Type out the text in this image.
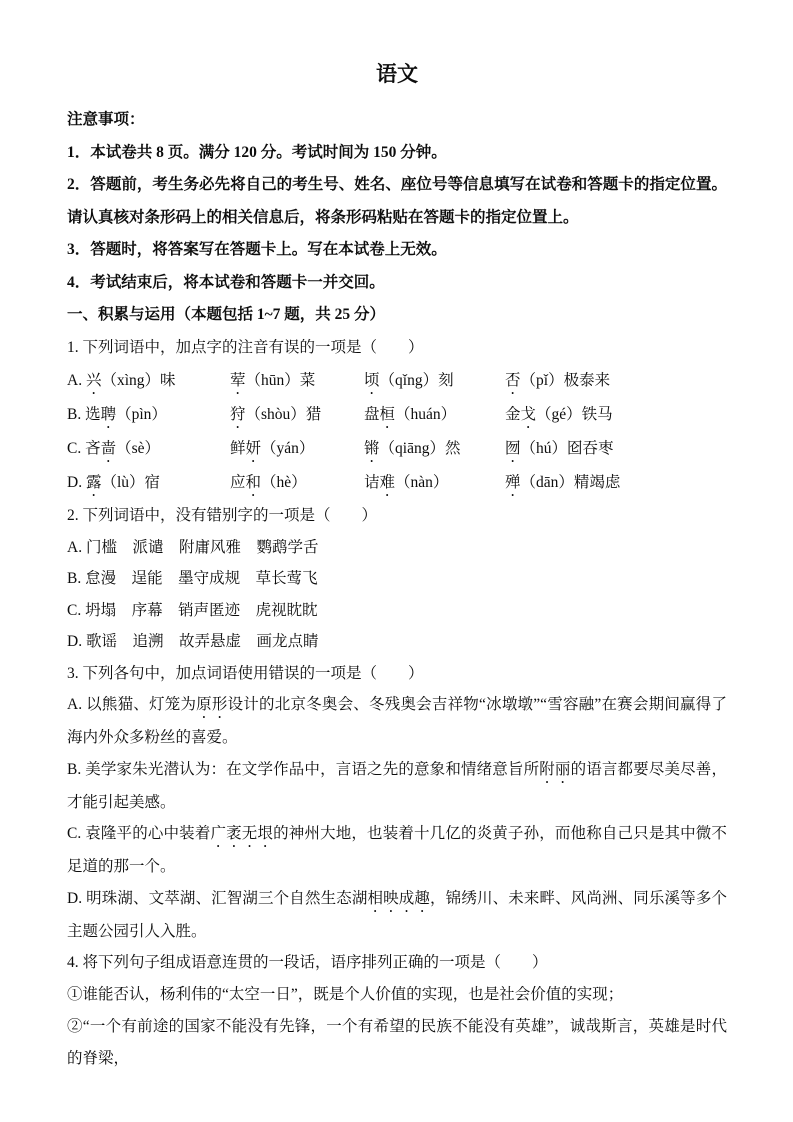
语文

注意事项：

1．本试卷共 8 页。满分 120 分。考试时间为 150 分钟。

2．答题前，考生务必先将自己的考生号、姓名、座位号等信息填写在试卷和答题卡的指定位置。请认真核对条形码上的相关信息后，将条形码粘贴在答题卡的指定位置上。

3．答题时，将答案写在答题卡上。写在本试卷上无效。

4．考试结束后，将本试卷和答题卡一并交回。

一、积累与运用（本题包括 1~7 题，共 25 分）

1. 下列词语中，加点字的注音有误的一项是（　　）

A. 兴（xìng）味	荤（hūn）菜	顷（qǐng）刻	否（pǐ）极泰来
B. 选聘（pìn）	狩（shòu）猎	盘桓（huán）	金戈（gé）铁马
C. 吝啬（sè）	鲜妍（yán）	锵（qiāng）然	囫（hú）囵吞枣
D. 露（lù）宿	应和（hè）	诘难（nàn）	殚（dān）精竭虑

2. 下列词语中，没有错别字的一项是（　　）

A. 门槛　派谴　附庸风雅　鹦鹉学舌

B. 怠漫　逞能　墨守成规　草长莺飞

C. 坍塌　序幕　销声匿迹　虎视眈眈

D. 歌谣　追溯　故弄悬虚　画龙点睛

3. 下列各句中，加点词语使用错误的一项是（　　）

A. 以熊猫、灯笼为原形设计的北京冬奥会、冬残奥会吉祥物“冰墩墩”“雪容融”在赛会期间赢得了海内外众多粉丝的喜爱。

B. 美学家朱光潜认为：在文学作品中，言语之先的意象和情绪意旨所附丽的语言都要尽美尽善，才能引起美感。

C. 袁隆平的心中装着广袤无垠的神州大地，也装着十几亿的炎黄子孙，而他称自己只是其中微不足道的那一个。

D. 明珠湖、文萃湖、汇智湖三个自然生态湖相映成趣，锦绣川、未来畔、风尚洲、同乐溪等多个主题公园引人入胜。

4. 将下列句子组成语意连贯的一段话，语序排列正确的一项是（　　）

①谁能否认，杨利伟的“太空一日”，既是个人价值的实现，也是社会价值的实现；

②“一个有前途的国家不能没有先锋，一个有希望的民族不能没有英雄”，诚哉斯言，英雄是时代的脊梁，
